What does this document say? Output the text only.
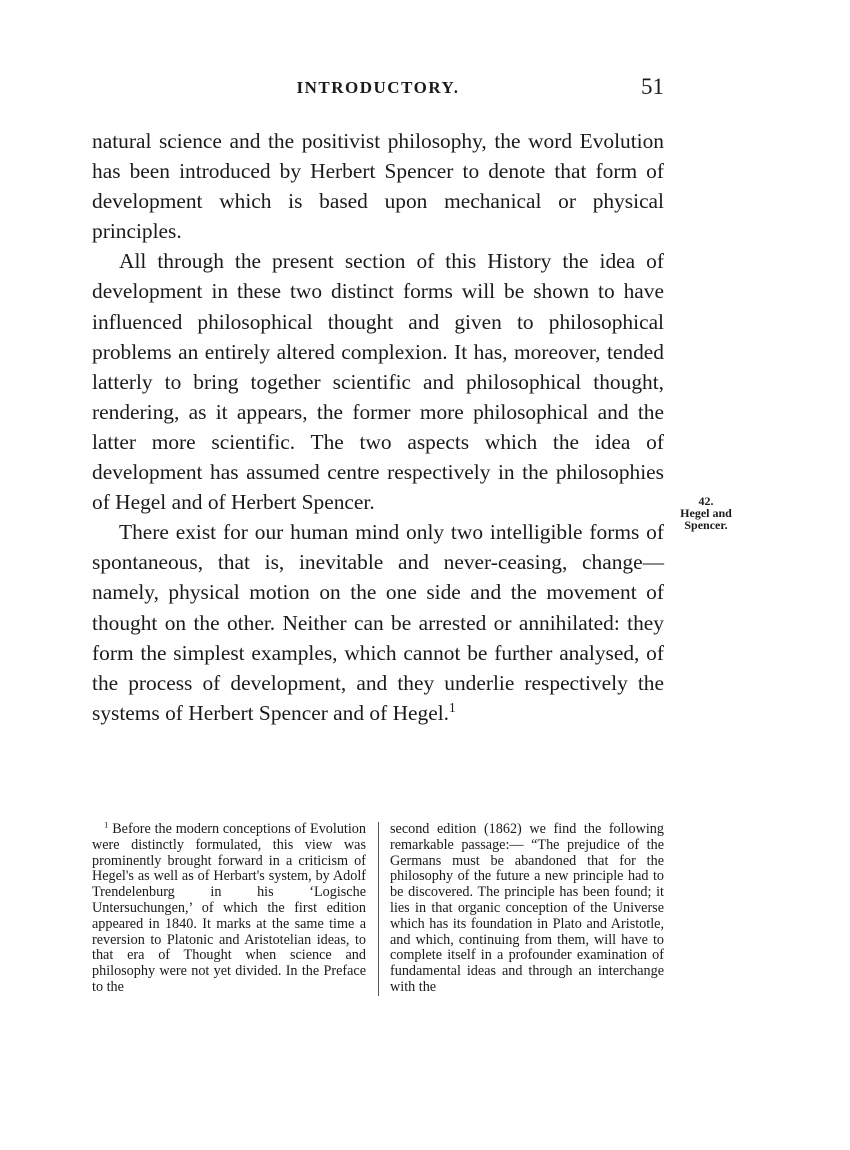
INTRODUCTORY.	51

natural science and the positivist philosophy, the word Evolution has been introduced by Herbert Spencer to denote that form of development which is based upon mechanical or physical principles.

All through the present section of this History the idea of development in these two distinct forms will be shown to have influenced philosophical thought and given to philosophical problems an entirely altered complexion. It has, moreover, tended latterly to bring together scientific and philosophical thought, rendering, as it appears, the former more philosophical and the latter more scientific. The two aspects which the idea of development has assumed centre respectively in the philosophies of Hegel and of Herbert Spencer.

There exist for our human mind only two intelligible forms of spontaneous, that is, inevitable and never-ceasing, change—namely, physical motion on the one side and the movement of thought on the other. Neither can be arrested or annihilated: they form the simplest examples, which cannot be further analysed, of the process of development, and they underlie respectively the systems of Herbert Spencer and of Hegel.$^1$

42.
Hegel and
Spencer.

$^1$ Before the modern conceptions of Evolution were distinctly formulated, this view was prominently brought forward in a criticism of Hegel's as well as of Herbart's system, by Adolf Trendelenburg in his ‘Logische Untersuchungen,’ of which the first edition appeared in 1840. It marks at the same time a reversion to Platonic and Aristotelian ideas, to that era of Thought when science and philosophy were not yet divided. In the Preface to the

second edition (1862) we find the following remarkable passage:— “The prejudice of the Germans must be abandoned that for the philosophy of the future a new principle had to be discovered. The principle has been found; it lies in that organic conception of the Universe which has its foundation in Plato and Aristotle, and which, continuing from them, will have to complete itself in a profounder examination of fundamental ideas and through an interchange with the
